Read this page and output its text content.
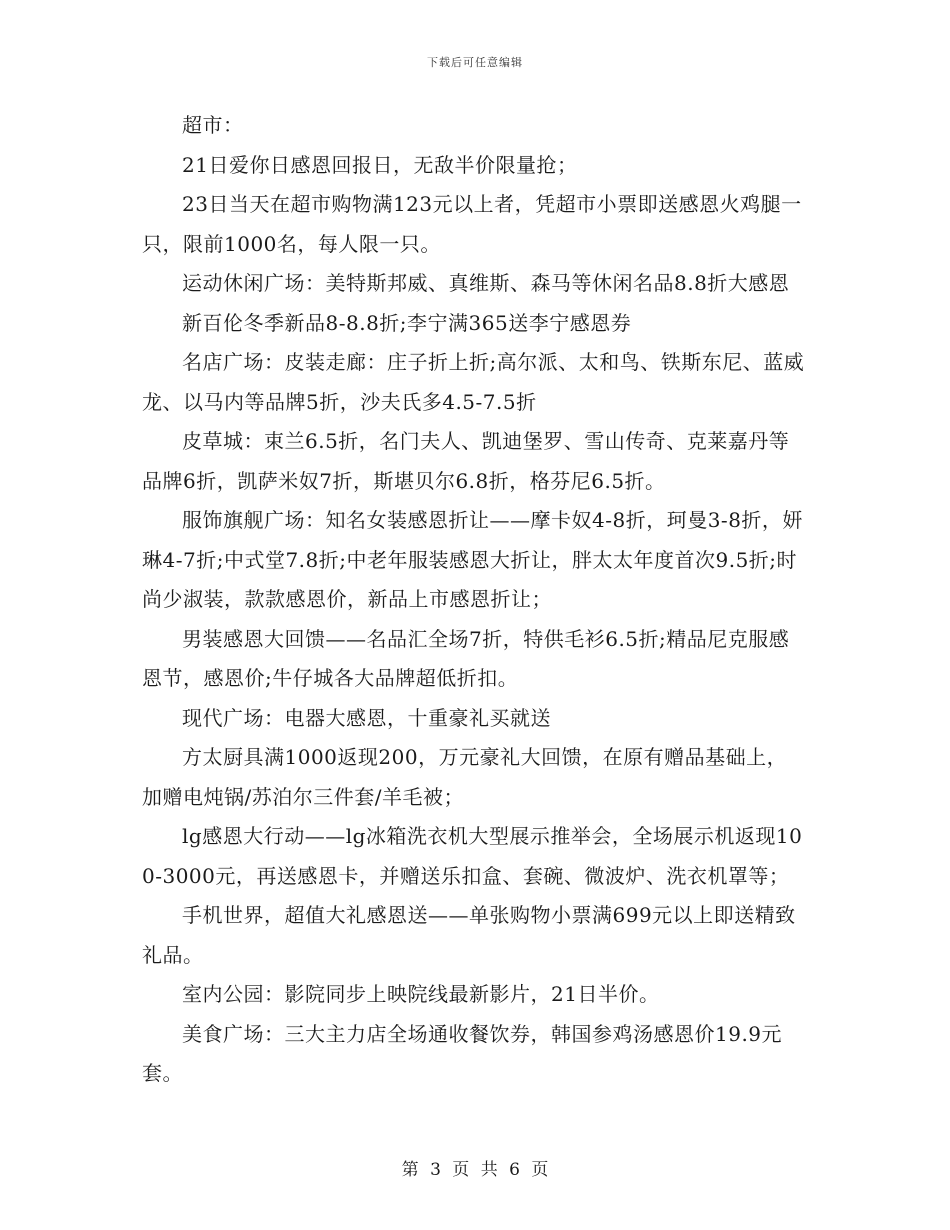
下载后可任意编辑

超市：

21日爱你日感恩回报日，无敌半价限量抢；

23日当天在超市购物满123元以上者，凭超市小票即送感恩火鸡腿一只，限前1000名，每人限一只。

运动休闲广场：美特斯邦威、真维斯、森马等休闲名品8.8折大感恩

新百伦冬季新品8-8.8折;李宁满365送李宁感恩券

名店广场：皮装走廊：庄子折上折;高尔派、太和鸟、铁斯东尼、蓝威龙、以马内等品牌5折，沙夫氏多4.5-7.5折

皮草城：束兰6.5折，名门夫人、凯迪堡罗、雪山传奇、克莱嘉丹等品牌6折，凯萨米奴7折，斯堪贝尔6.8折，格芬尼6.5折。

服饰旗舰广场：知名女装感恩折让——摩卡奴4-8折，珂曼3-8折，妍琳4-7折;中式堂7.8折;中老年服装感恩大折让，胖太太年度首次9.5折;时尚少淑装，款款感恩价，新品上市感恩折让；

男装感恩大回馈——名品汇全场7折，特供毛衫6.5折;精品尼克服感恩节，感恩价;牛仔城各大品牌超低折扣。

现代广场：电器大感恩，十重豪礼买就送

方太厨具满1000返现200，万元豪礼大回馈，在原有赠品基础上，加赠电炖锅/苏泊尔三件套/羊毛被；

lg感恩大行动——lg冰箱洗衣机大型展示推举会，全场展示机返现100-3000元，再送感恩卡，并赠送乐扣盒、套碗、微波炉、洗衣机罩等；

手机世界，超值大礼感恩送——单张购物小票满699元以上即送精致礼品。

室内公园：影院同步上映院线最新影片，21日半价。

美食广场：三大主力店全场通收餐饮券，韩国参鸡汤感恩价19.9元套。

第 3 页 共 6 页
